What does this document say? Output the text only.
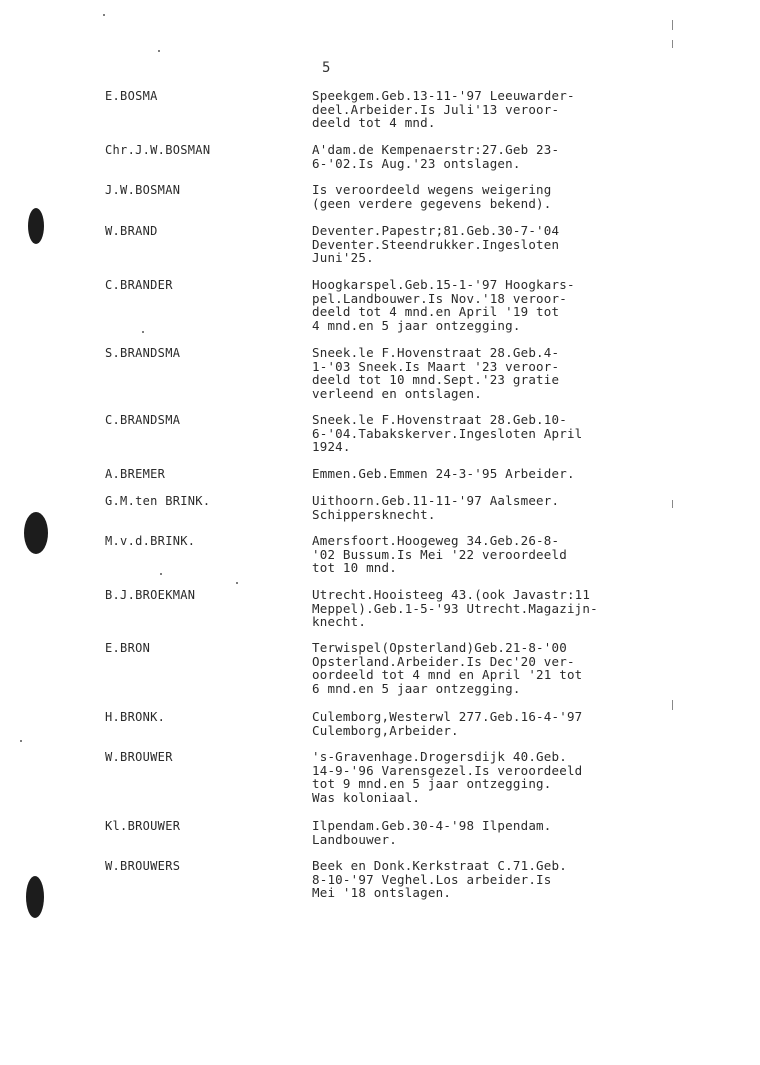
5
E.BOSMA	Speekgem.Geb.13-11-'97 Leeuwarder-
deel.Arbeider.Is Juli'13 veroor-
deeld tot 4 mnd.
Chr.J.W.BOSMAN	A'dam.de Kempenaerstr:27.Geb 23-
6-'02.Is Aug.'23 ontslagen.
J.W.BOSMAN	Is veroordeeld wegens weigering
(geen verdere gegevens bekend).
W.BRAND	Deventer.Papestr;81.Geb.30-7-'04
Deventer.Steendrukker.Ingesloten
Juni'25.
C.BRANDER	Hoogkarspel.Geb.15-1-'97 Hoogkars-
pel.Landbouwer.Is Nov.'18 veroor-
deeld tot 4 mnd.en April '19 tot
4 mnd.en 5 jaar ontzegging.
S.BRANDSMA	Sneek.le F.Hovenstraat 28.Geb.4-
1-'03 Sneek.Is Maart '23 veroor-
deeld tot 10 mnd.Sept.'23 gratie
verleend en ontslagen.
C.BRANDSMA	Sneek.le F.Hovenstraat 28.Geb.10-
6-'04.Tabakskerver.Ingesloten April
1924.
A.BREMER	Emmen.Geb.Emmen 24-3-'95 Arbeider.
G.M.ten BRINK.	Uithoorn.Geb.11-11-'97 Aalsmeer.
Schippersknecht.
M.v.d.BRINK.	Amersfoort.Hoogeweg 34.Geb.26-8-
'02 Bussum.Is Mei '22 veroordeeld
tot 10 mnd.
B.J.BROEKMAN	Utrecht.Hooisteeg 43.(ook Javastr:11
Meppel).Geb.1-5-'93 Utrecht.Magazijn-
knecht.
E.BRON	Terwispel(Opsterland)Geb.21-8-'00
Opsterland.Arbeider.Is Dec'20 ver-
oordeeld tot 4 mnd en April '21 tot
6 mnd.en 5 jaar ontzegging.
H.BRONK.	Culemborg,Westerwl 277.Geb.16-4-'97
Culemborg,Arbeider.
W.BROUWER	's-Gravenhage.Drogersdijk 40.Geb.
14-9-'96 Varensgezel.Is veroordeeld
tot 9 mnd.en 5 jaar ontzegging.
Was koloniaal.
Kl.BROUWER	Ilpendam.Geb.30-4-'98 Ilpendam.
Landbouwer.
W.BROUWERS	Beek en Donk.Kerkstraat C.71.Geb.
8-10-'97 Veghel.Los arbeider.Is
Mei '18 ontslagen.
